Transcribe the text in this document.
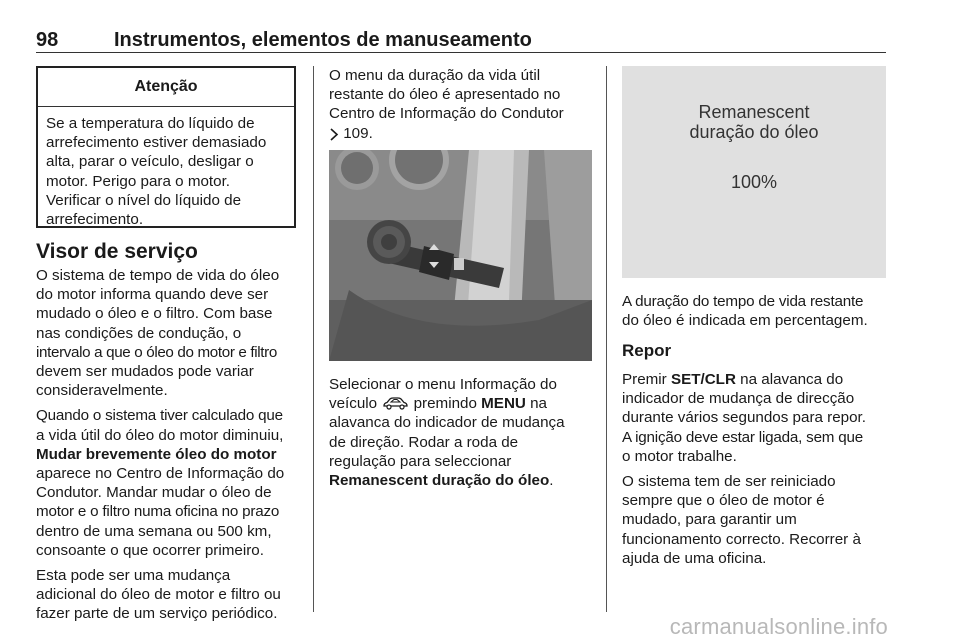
98	Instrumentos, elementos de manuseamento
Atenção
Se a temperatura do líquido de
arrefecimento estiver demasiado
alta, parar o veículo, desligar o
motor. Perigo para o motor.
Verificar o nível do líquido de
arrefecimento.
Visor de serviço

O sistema de tempo de vida do óleo
do motor informa quando deve ser
mudado o óleo e o filtro. Com base
nas condições de condução, o
intervalo a que o óleo do motor e filtro
devem ser mudados pode variar
consideravelmente.

Quando o sistema tiver calculado que
a vida útil do óleo do motor diminuiu,
Mudar brevemente óleo do motor
aparece no Centro de Informação do
Condutor. Mandar mudar o óleo de
motor e o filtro numa oficina no prazo
dentro de uma semana ou 500 km,
consoante o que ocorrer primeiro.

Esta pode ser uma mudança
adicional do óleo de motor e filtro ou
fazer parte de um serviço periódico.

O menu da duração da vida útil
restante do óleo é apresentado no
Centro de Informação do Condutor
109.
Selecionar o menu Informação do
veículo premindo MENU na
alavanca do indicador de mudança
de direção. Rodar a roda de
regulação para seleccionar
Remanescent duração do óleo.
Remanescent
duração do óleo
100%
A duração do tempo de vida restante
do óleo é indicada em percentagem.
Repor

Premir SET/CLR na alavanca do
indicador de mudança de direcção
durante vários segundos para repor.
A ignição deve estar ligada, sem que
o motor trabalhe.

O sistema tem de ser reiniciado
sempre que o óleo de motor é
mudado, para garantir um
funcionamento correcto. Recorrer à
ajuda de uma oficina.

carmanualsonline.info
